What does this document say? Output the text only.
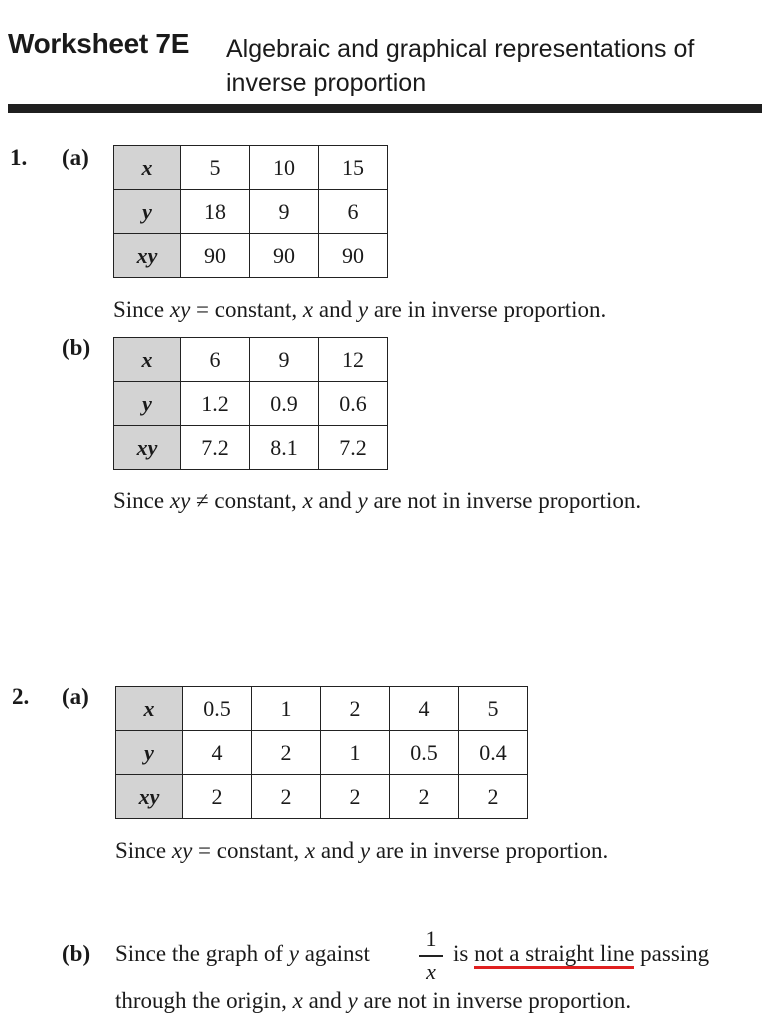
Worksheet 7E Algebraic and graphical representations of inverse proportion
1. (a) x	5	10	15
y	18	9	6
xy	90	90	90
Since xy = constant, x and y are in inverse proportion.
(b) x	6	9	12
y	1.2	0.9	0.6
xy	7.2	8.1	7.2
Since xy ≠ constant, x and y are not in inverse proportion.
2. (a) x	0.5	1	2	4	5
y	4	2	1	0.5	0.4
xy	2	2	2	2	2
Since xy = constant, x and y are in inverse proportion.
(b) Since the graph of y against
1
x
is not a straight line passing
through the origin, x and y are not in inverse proportion.
